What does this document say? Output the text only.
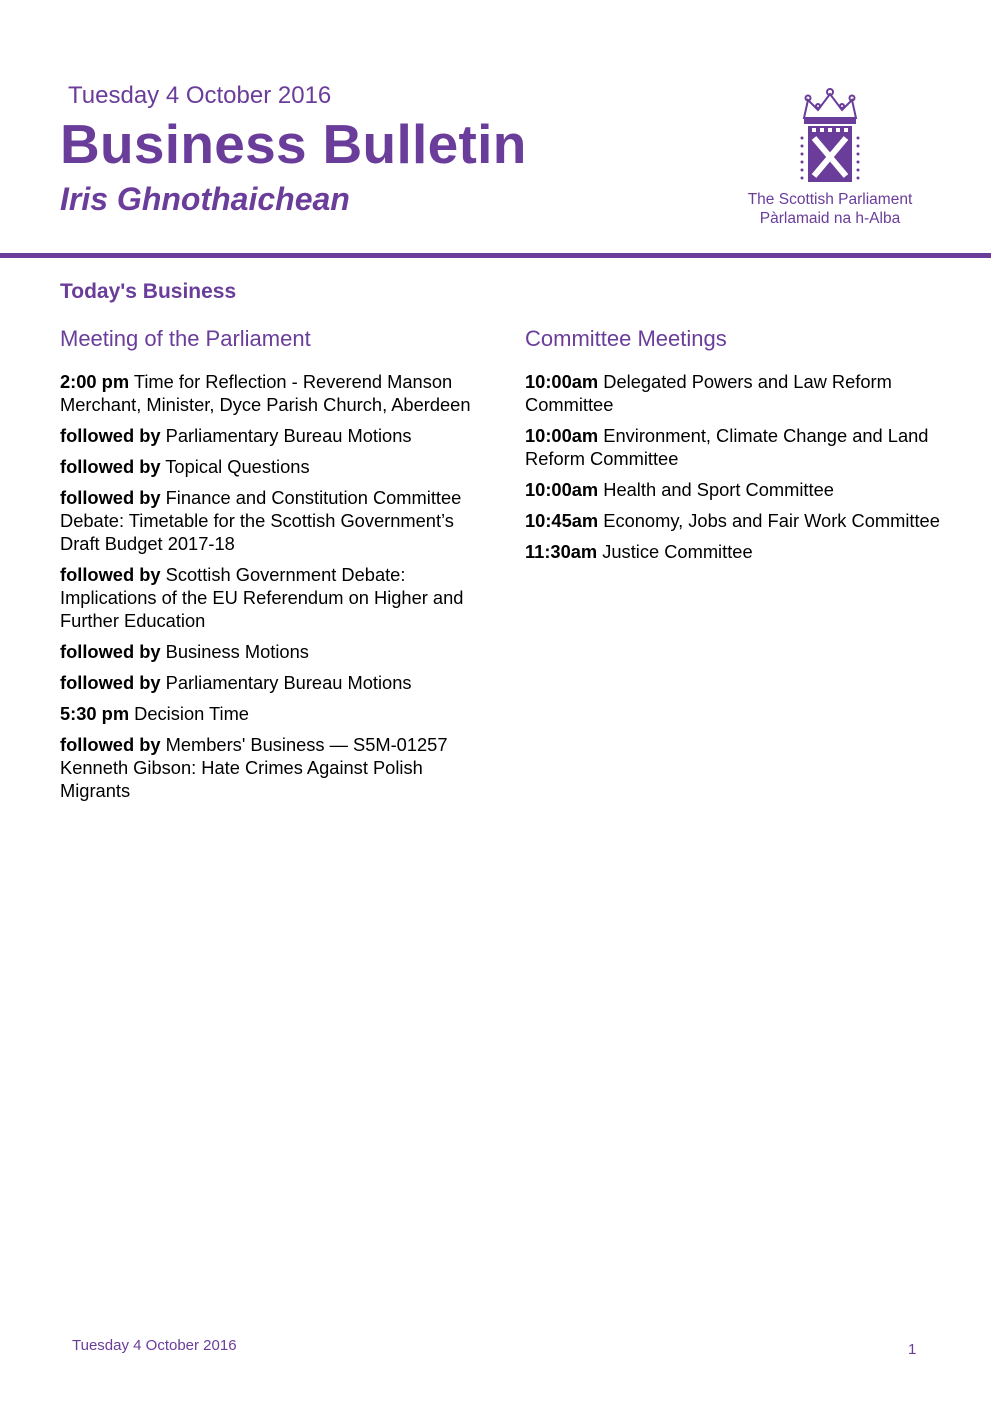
Tuesday 4 October 2016
Business Bulletin
Iris Ghnothaichean	The Scottish Parliament
Pàrlamaid na h-Alba
Today's Business
Meeting of the Parliament
2:00 pm Time for Reflection - Reverend Manson Merchant, Minister, Dyce Parish Church, Aberdeen
followed by Parliamentary Bureau Motions
followed by Topical Questions
followed by Finance and Constitution Committee Debate: Timetable for the Scottish Government’s Draft Budget 2017-18
followed by Scottish Government Debate: Implications of the EU Referendum on Higher and Further Education
followed by Business Motions
followed by Parliamentary Bureau Motions
5:30 pm Decision Time
followed by Members' Business — S5M-01257 Kenneth Gibson: Hate Crimes Against Polish Migrants
Committee Meetings
10:00am Delegated Powers and Law Reform Committee
10:00am Environment, Climate Change and Land Reform Committee
10:00am Health and Sport Committee
10:45am Economy, Jobs and Fair Work Committee
11:30am Justice Committee
Tuesday 4 October 2016	1
